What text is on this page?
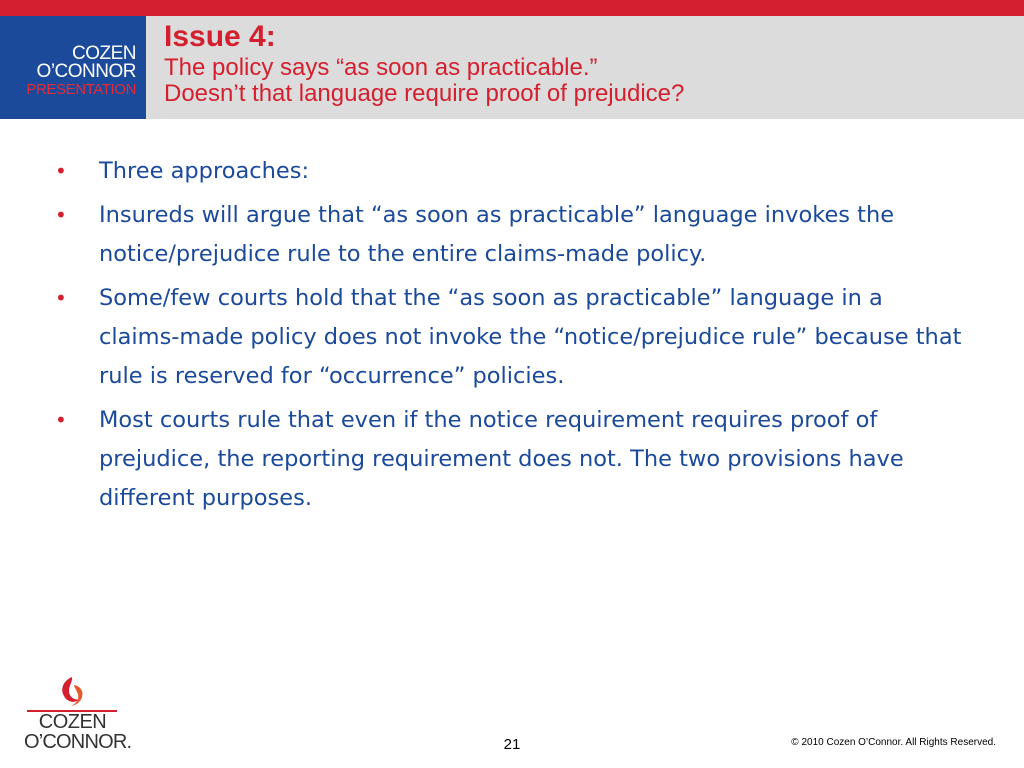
COZEN
O’CONNOR
PRESENTATION
Issue 4:
The policy says “as soon as practicable.”
Doesn’t that language require proof of prejudice?
• Three approaches:
• Insureds will argue that “as soon as practicable” language invokes the notice/prejudice rule to the entire claims-made policy.
• Some/few courts hold that the “as soon as practicable” language in a claims-made policy does not invoke the “notice/prejudice rule” because that rule is reserved for “occurrence” policies.
• Most courts rule that even if the notice requirement requires proof of prejudice, the reporting requirement does not. The two provisions have different purposes.
COZEN
O’CONNOR.	21	© 2010 Cozen O’Connor. All Rights Reserved.
